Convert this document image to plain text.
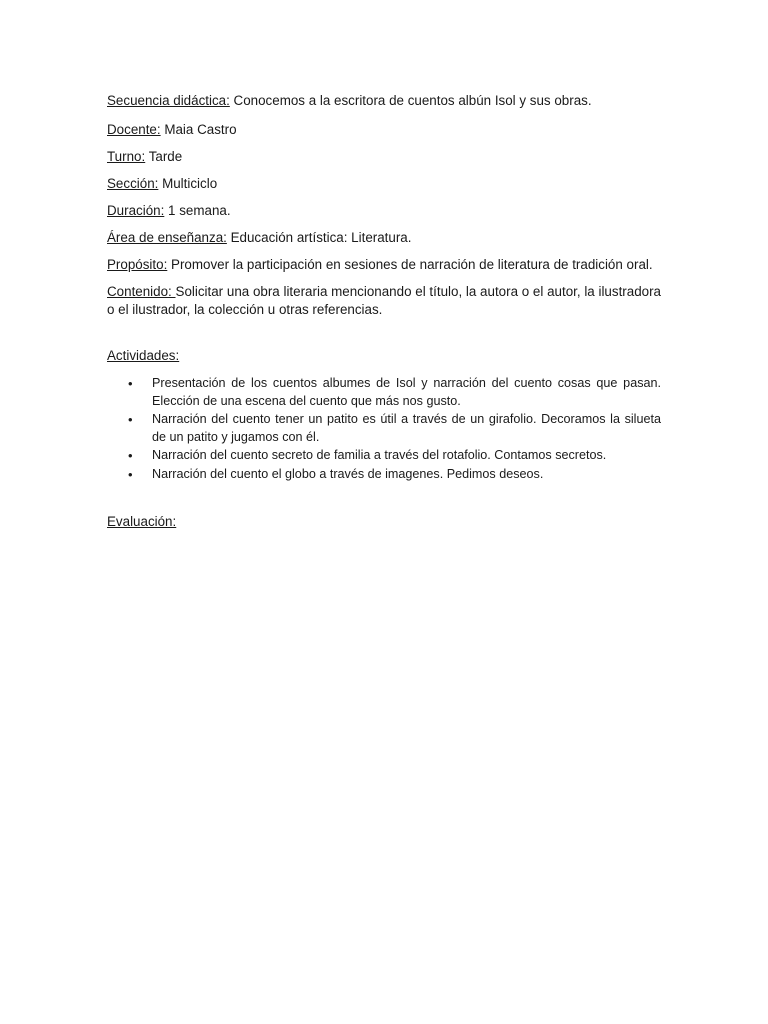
Secuencia didáctica: Conocemos a la escritora de cuentos albún Isol y sus obras.

Docente: Maia Castro

Turno: Tarde

Sección: Multiciclo

Duración: 1 semana.

Área de enseñanza: Educación artística: Literatura.

Propósito: Promover la participación en sesiones de narración de literatura de tradición oral.

Contenido: Solicitar una obra literaria mencionando el título, la autora o el autor, la ilustradora o el ilustrador, la colección u otras referencias.

Actividades:

• Presentación de los cuentos albumes de Isol y narración del cuento cosas que pasan. Elección de una escena del cuento que más nos gusto.
• Narración del cuento tener un patito es útil a través de un girafolio. Decoramos la silueta de un patito y jugamos con él.
• Narración del cuento secreto de familia a través del rotafolio. Contamos secretos.
• Narración del cuento el globo a través de imagenes. Pedimos deseos.

Evaluación:
